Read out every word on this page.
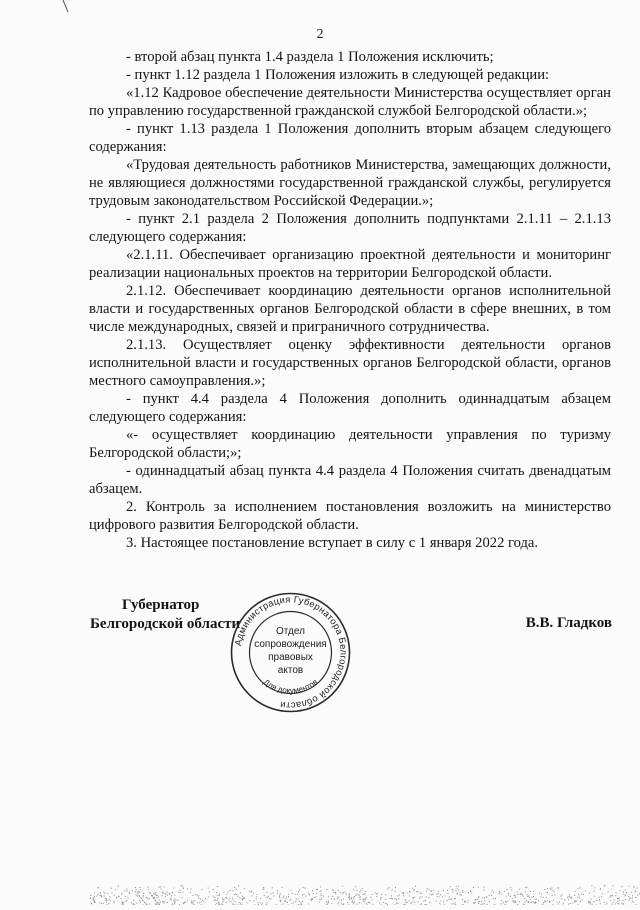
2

- второй абзац пункта 1.4 раздела 1 Положения исключить;

- пункт 1.12 раздела 1 Положения изложить в следующей редакции:

«1.12 Кадровое обеспечение деятельности Министерства осуществляет орган по управлению государственной гражданской службой Белгородской области.»;

- пункт 1.13 раздела 1 Положения дополнить вторым абзацем следующего содержания:

«Трудовая деятельность работников Министерства, замещающих должности, не являющиеся должностями государственной гражданской службы, регулируется трудовым законодательством Российской Федерации.»;

- пункт 2.1 раздела 2 Положения дополнить подпунктами 2.1.11 – 2.1.13 следующего содержания:

«2.1.11. Обеспечивает организацию проектной деятельности и мониторинг реализации национальных проектов на территории Белгородской области.

2.1.12. Обеспечивает координацию деятельности органов исполнительной власти и государственных органов Белгородской области в сфере внешних, в том числе международных, связей и приграничного сотрудничества.

2.1.13. Осуществляет оценку эффективности деятельности органов исполнительной власти и государственных органов Белгородской области, органов местного самоуправления.»;

- пункт 4.4 раздела 4 Положения дополнить одиннадцатым абзацем следующего содержания:

«- осуществляет координацию деятельности управления по туризму Белгородской области;»;

- одиннадцатый абзац пункта 4.4 раздела 4 Положения считать двенадцатым абзацем.

2. Контроль за исполнением постановления возложить на министерство цифрового развития Белгородской области.

3. Настоящее постановление вступает в силу с 1 января 2022 года.

Губернатор
Белгородской области
Администрация Губернатора Белгородской области
Для документов
Отдел
сопровождения
правовых
актов
В.В. Гладков
